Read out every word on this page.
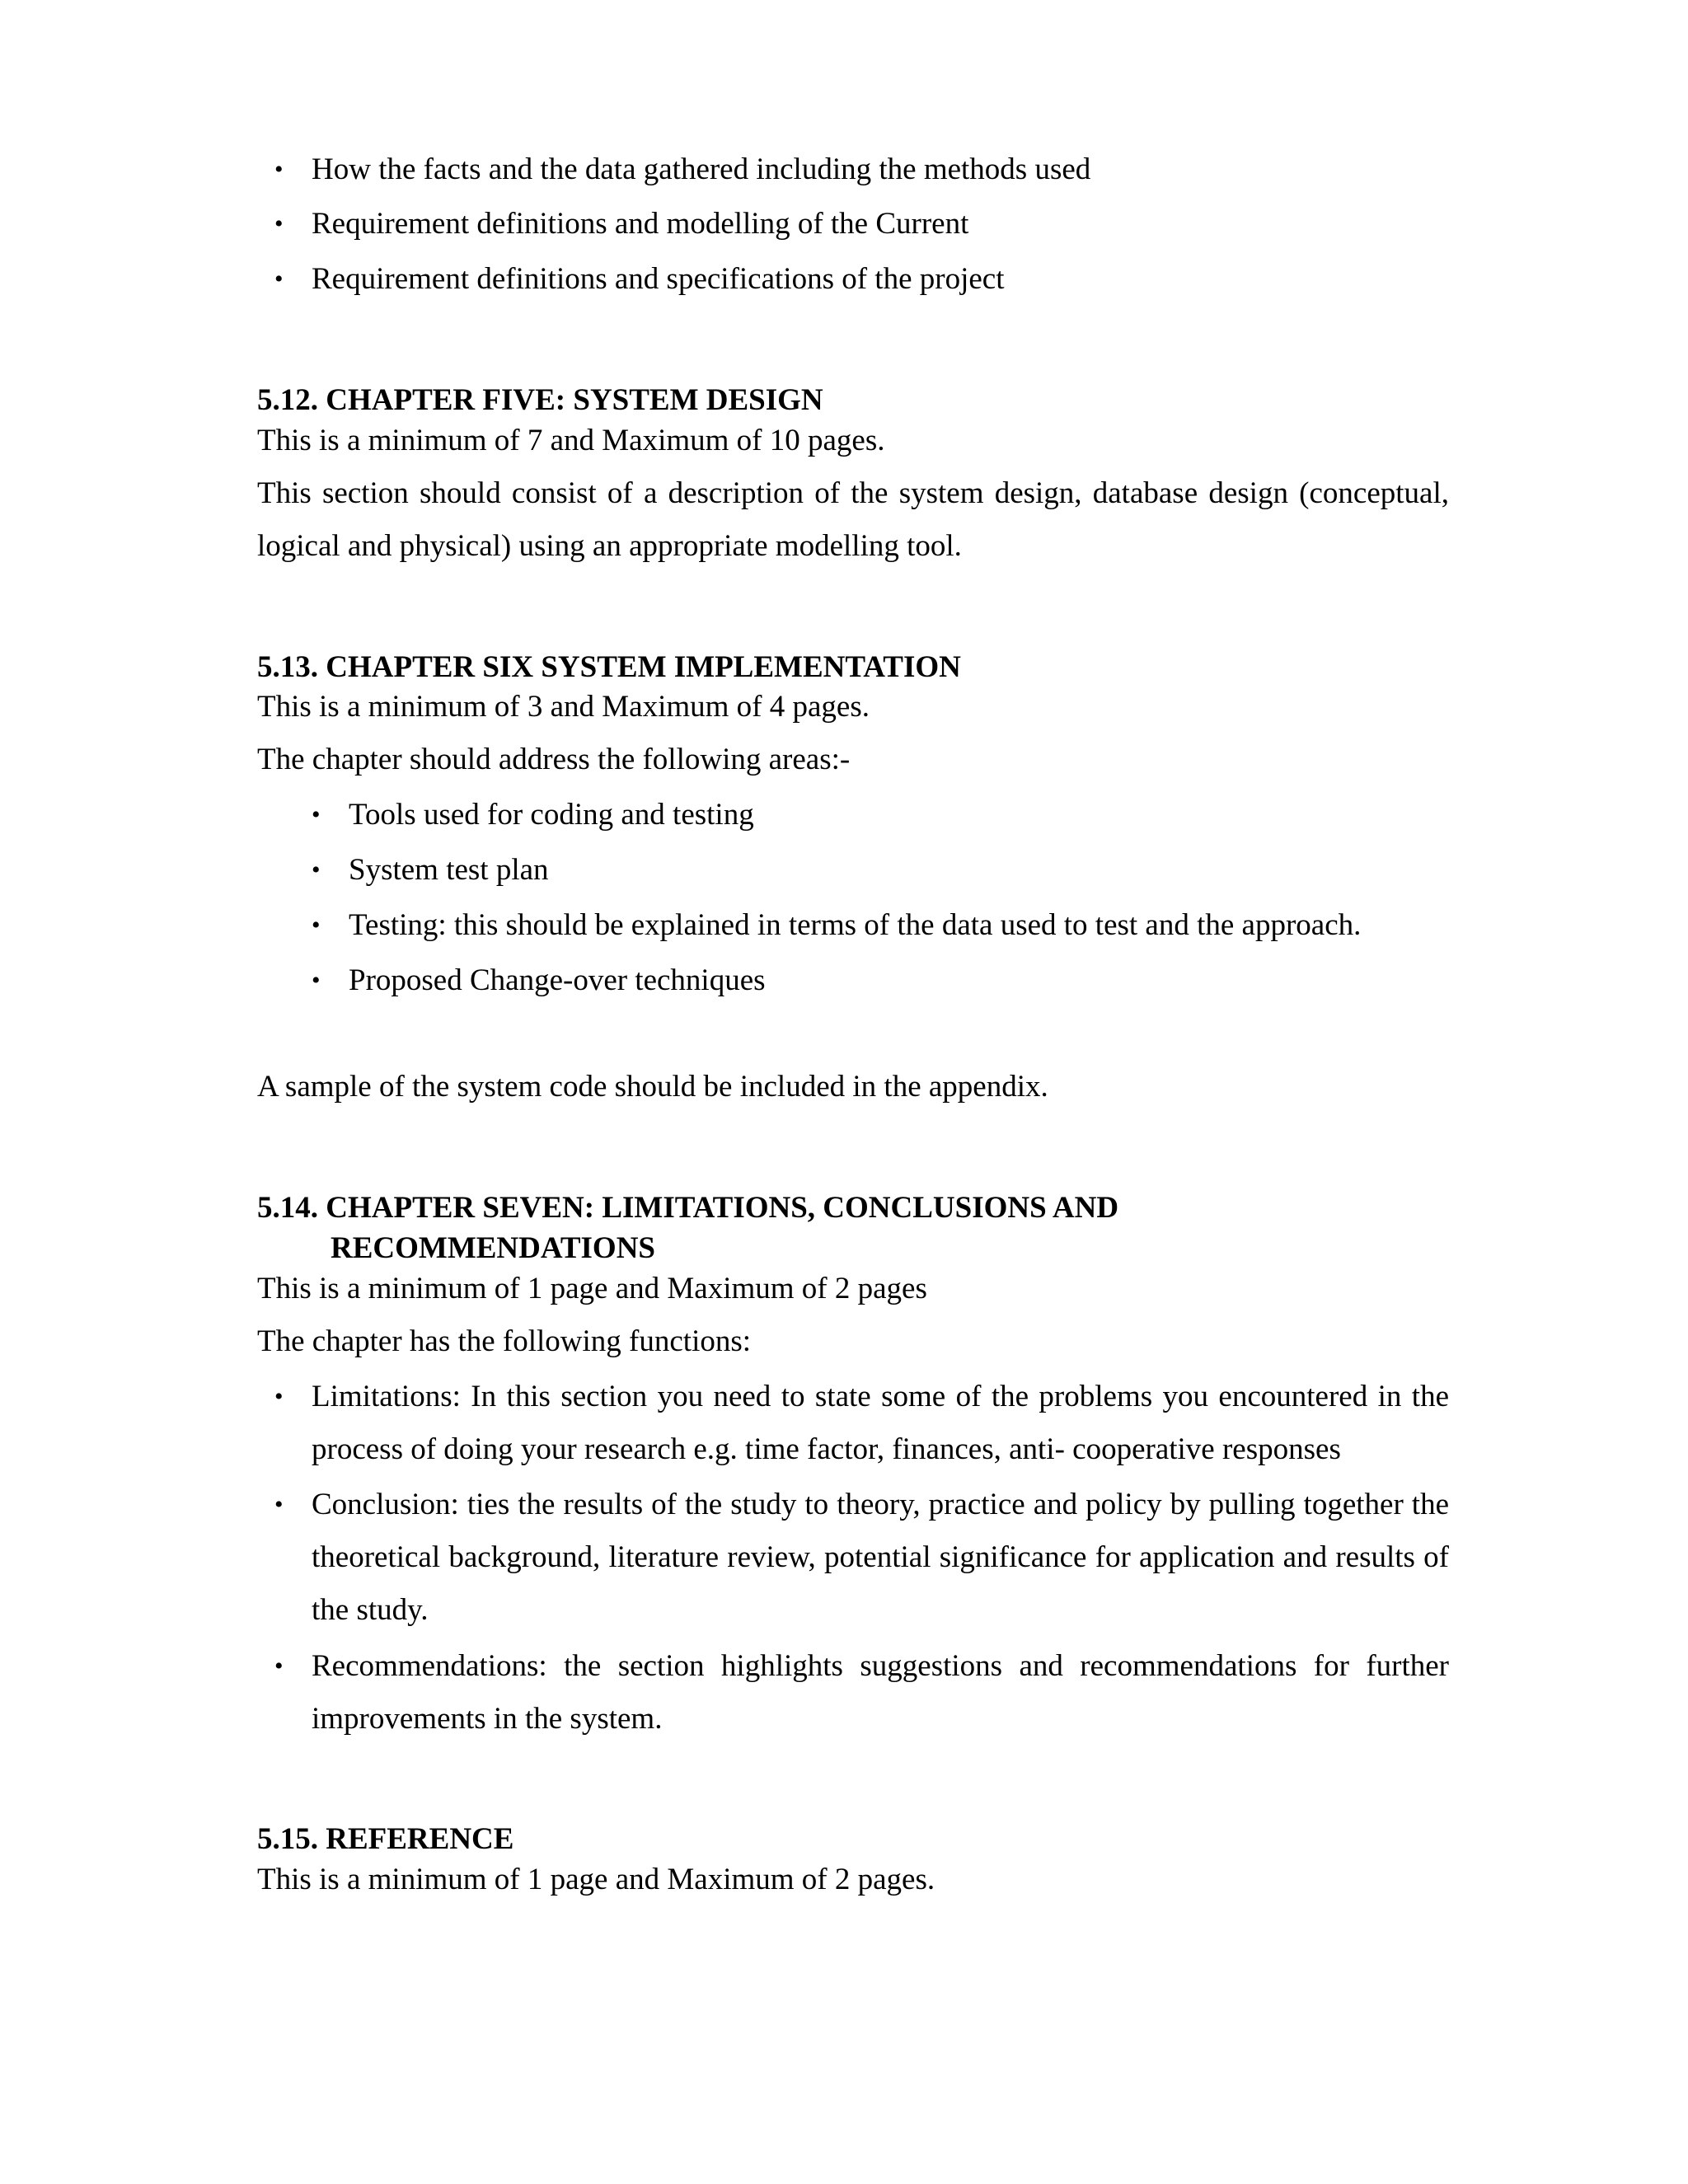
• How the facts and the data gathered including the methods used
• Requirement definitions and modelling of the Current
• Requirement definitions and specifications of the project
5.12. CHAPTER FIVE: SYSTEM DESIGN
This is a minimum of 7 and Maximum of 10 pages.
This section should consist of a description of the system design, database design (conceptual, logical and physical) using an appropriate modelling tool.
5.13. CHAPTER SIX SYSTEM IMPLEMENTATION
This is a minimum of 3 and Maximum of 4 pages.
The chapter should address the following areas:-
• Tools used for coding and testing
• System test plan
• Testing: this should be explained in terms of the data used to test and the approach.
• Proposed Change-over techniques
A sample of the system code should be included in the appendix.
5.14. CHAPTER SEVEN: LIMITATIONS, CONCLUSIONS AND
RECOMMENDATIONS
This is a minimum of 1 page and Maximum of 2 pages
The chapter has the following functions:
• Limitations: In this section you need to state some of the problems you encountered in the process of doing your research e.g. time factor, finances, anti- cooperative responses
• Conclusion: ties the results of the study to theory, practice and policy by pulling together the theoretical background, literature review, potential significance for application and results of the study.
• Recommendations: the section highlights suggestions and recommendations for further improvements in the system.
5.15. REFERENCE
This is a minimum of 1 page and Maximum of 2 pages.
